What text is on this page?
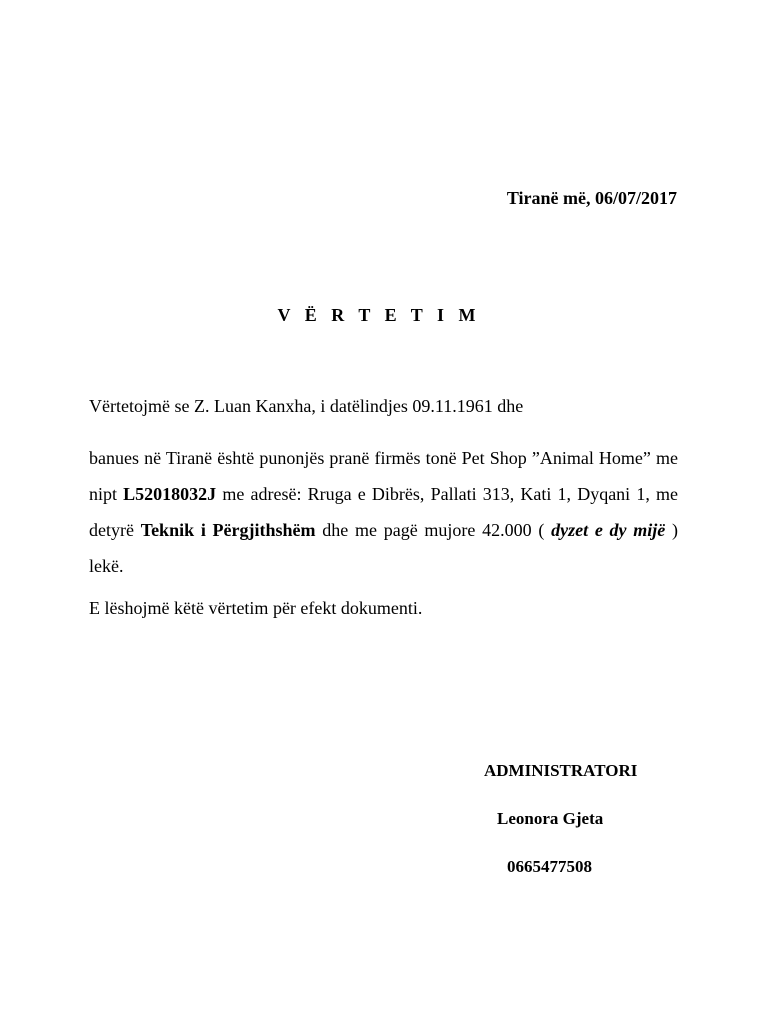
Tiranë më, 06/07/2017
V Ë R T E T I M
Vërtetojmë se Z. Luan Kanxha, i datëlindjes 09.11.1961 dhe
banues në Tiranë është punonjës pranë firmës tonë Pet Shop ”Animal Home” me nipt L52018032J me adresë: Rruga e Dibrës, Pallati 313, Kati 1, Dyqani 1, me detyrë Teknik i Përgjithshëm dhe me pagë mujore 42.000 ( dyzet e dy mijë ) lekë.
E lëshojmë këtë vërtetim për efekt dokumenti.
ADMINISTRATORI
Leonora Gjeta
0665477508
